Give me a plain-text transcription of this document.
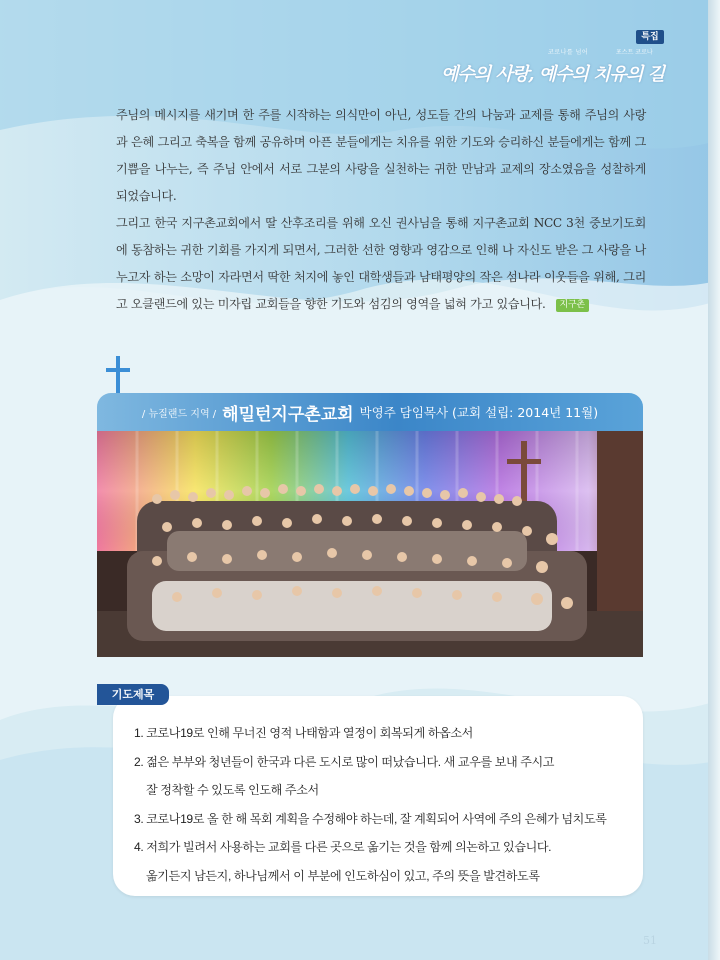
특집
코로나를 넘어	포스트 코로나
예수의 사랑, 예수의 치유의 길

주님의 메시지를 새기며 한 주를 시작하는 의식만이 아닌, 성도들 간의 나눔과 교제를 통해 주님의 사랑과 은혜 그리고 축복을 함께 공유하며 아픈 분들에게는 치유를 위한 기도와 승리하신 분들에게는 함께 그 기쁨을 나누는, 즉 주님 안에서 서로 그분의 사랑을 실천하는 귀한 만남과 교제의 장소였음을 성찰하게 되었습니다.

그리고 한국 지구촌교회에서 딸 산후조리를 위해 오신 권사님을 통해 지구촌교회 NCC 3천 중보기도회에 동참하는 귀한 기회를 가지게 되면서, 그러한 선한 영향과 영감으로 인해 나 자신도 받은 그 사랑을 나누고자 하는 소망이 자라면서 딱한 처지에 놓인 대학생들과 남태평양의 작은 섬나라 이웃들을 위해, 그리고 오클랜드에 있는 미자립 교회들을 향한 기도와 섬김의 영역을 넓혀 가고 있습니다. 지구촌

/ 뉴질랜드 지역 / 해밀턴지구촌교회 박영주 담임목사 (교회 설립: 2014년 11월)
기도제목
1. 코로나19로 인해 무너진 영적 나태함과 열정이 회복되게 하옵소서
2. 젊은 부부와 청년들이 한국과 다른 도시로 많이 떠났습니다. 새 교우를 보내 주시고
잘 정착할 수 있도록 인도해 주소서
3. 코로나19로 올 한 해 목회 계획을 수정해야 하는데, 잘 계획되어 사역에 주의 은혜가 넘치도록
4. 저희가 빌려서 사용하는 교회를 다른 곳으로 옮기는 것을 함께 의논하고 있습니다.
옮기든지 남든지, 하나님께서 이 부분에 인도하심이 있고, 주의 뜻을 발견하도록
51
